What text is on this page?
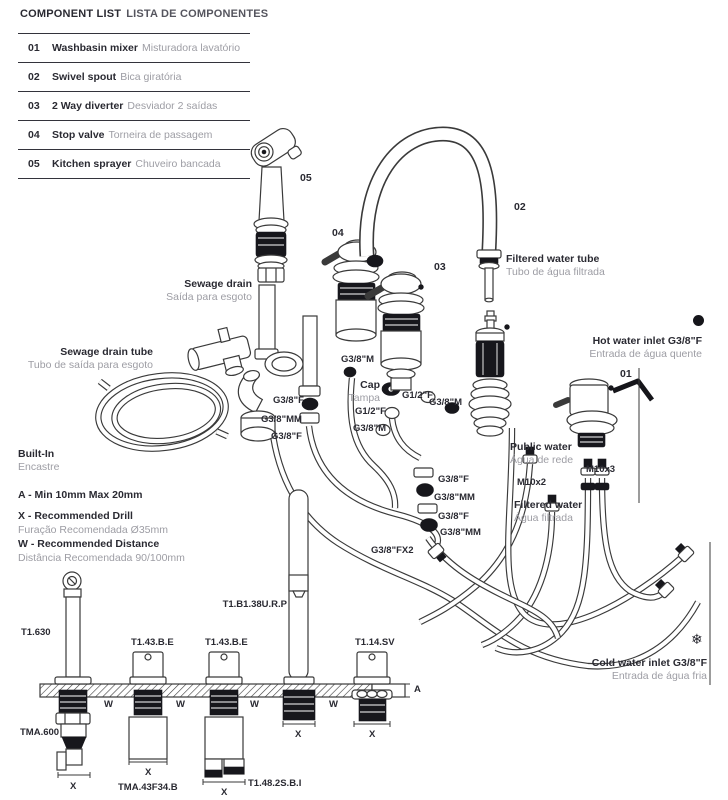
COMPONENT LIST LISTA DE COMPONENTES
01	Washbasin mixer Misturadora lavatório
02	Swivel spout Bica giratória
03	2 Way diverter Desviador 2 saídas
04	Stop valve Torneira de passagem
05	Kitchen sprayer Chuveiro bancada
05
04
02
03
01
Sewage drain
Saída para esgoto
Sewage drain tube
Tubo de saída para esgoto
Filtered water tube
Tubo de água filtrada
Hot water inlet G3/8"F
Entrada de água quente
Cold water inlet G3/8"F
Entrada de água fria
Public water
Água de rede
Filtered water
Água filtrada
Cap
Tampa
Built-In
Encastre
A - Min 10mm Max 20mm
X - Recommended Drill
Furação Recomendada Ø35mm
W - Recommended Distance
Distância Recomendada 90/100mm
G3/8"M
G1/2"F
G3/8"M
G1/2"F
G3/8"M
G3/8"F
G3/8"MM
G3/8"F
G3/8"F
G3/8"MM
G3/8"F
G3/8"MM
G3/8"FX2
M10x2
M10x3
T1.B1.38U.R.P
T1.630
T1.43.B.E	T1.43.B.E	T1.14.SV
TMA.600
TMA.43F34.B	T1.48.2S.B.I
W	W	W	W
X
X
X
X	X
A
❄
